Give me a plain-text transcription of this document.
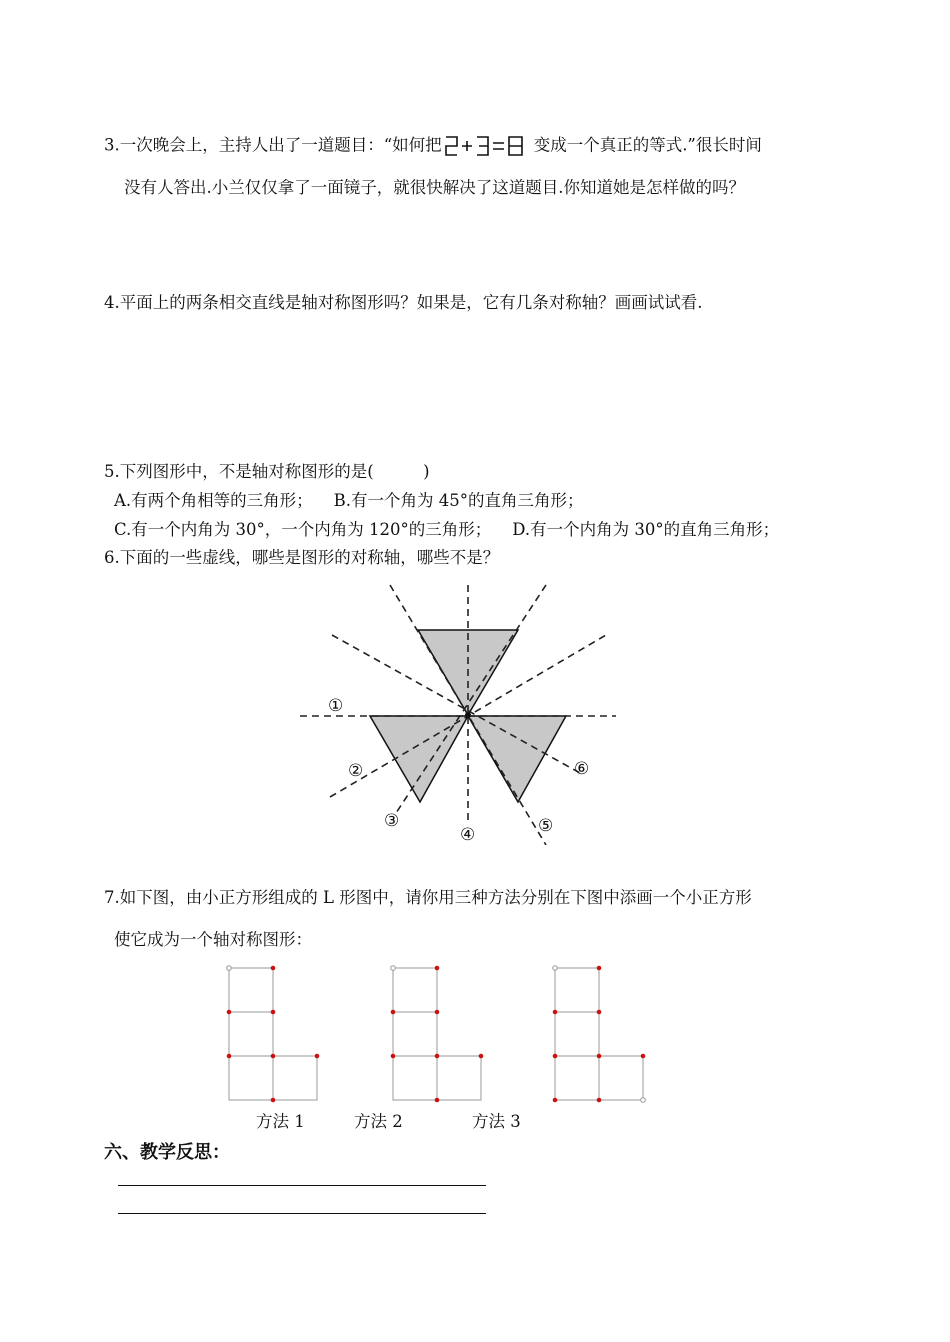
3.一次晚会上，主持人出了一道题目：“如何把	变成一个真正的等式.”很长时间
没有人答出.小兰仅仅拿了一面镜子，就很快解决了这道题目.你知道她是怎样做的吗？
4.平面上的两条相交直线是轴对称图形吗？如果是，它有几条对称轴？画画试试看.
5.下列图形中，不是轴对称图形的是(　　　)
A.有两个角相等的三角形； B.有一个角为 45°的直角三角形；
C.有一个内角为 30°，一个内角为 120°的三角形； D.有一个内角为 30°的直角三角形；
6.下面的一些虚线，哪些是图形的对称轴，哪些不是？
①
②
③
④	⑤
⑥
7.如下图，由小正方形组成的 L 形图中，请你用三种方法分别在下图中添画一个小正方形
使它成为一个轴对称图形：
方法 1	方法 2	方法 3
六、教学反思：
